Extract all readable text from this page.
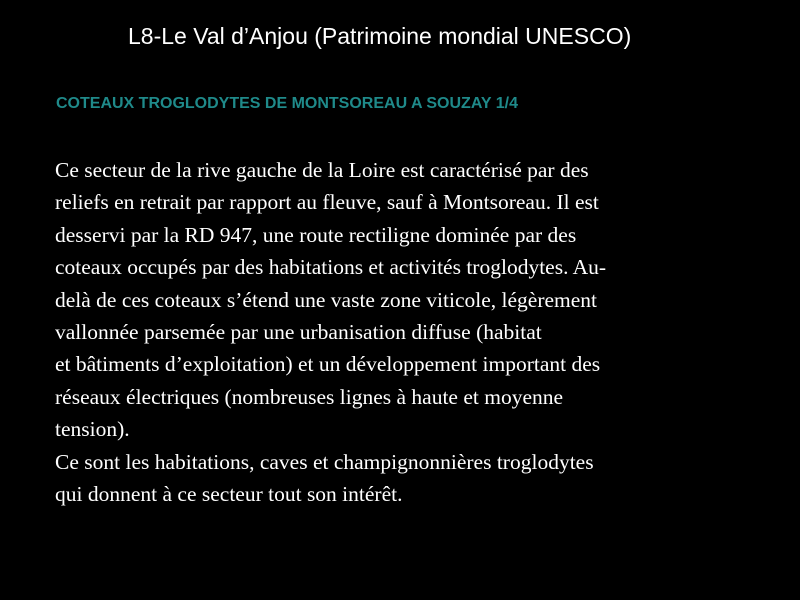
L8-Le Val d’Anjou (Patrimoine mondial UNESCO)
COTEAUX TROGLODYTES DE MONTSOREAU A SOUZAY 1/4

Ce secteur de la rive gauche de la Loire est caractérisé par des
reliefs en retrait par rapport au fleuve, sauf à Montsoreau. Il est
desservi par la RD 947, une route rectiligne dominée par des
coteaux occupés par des habitations et activités troglodytes. Au-
delà de ces coteaux s’étend une vaste zone viticole, légèrement
vallonnée parsemée par une urbanisation diffuse (habitat
et bâtiments d’exploitation) et un développement important des
réseaux électriques (nombreuses lignes à haute et moyenne
tension).

Ce sont les habitations, caves et champignonnières troglodytes
qui donnent à ce secteur tout son intérêt.
